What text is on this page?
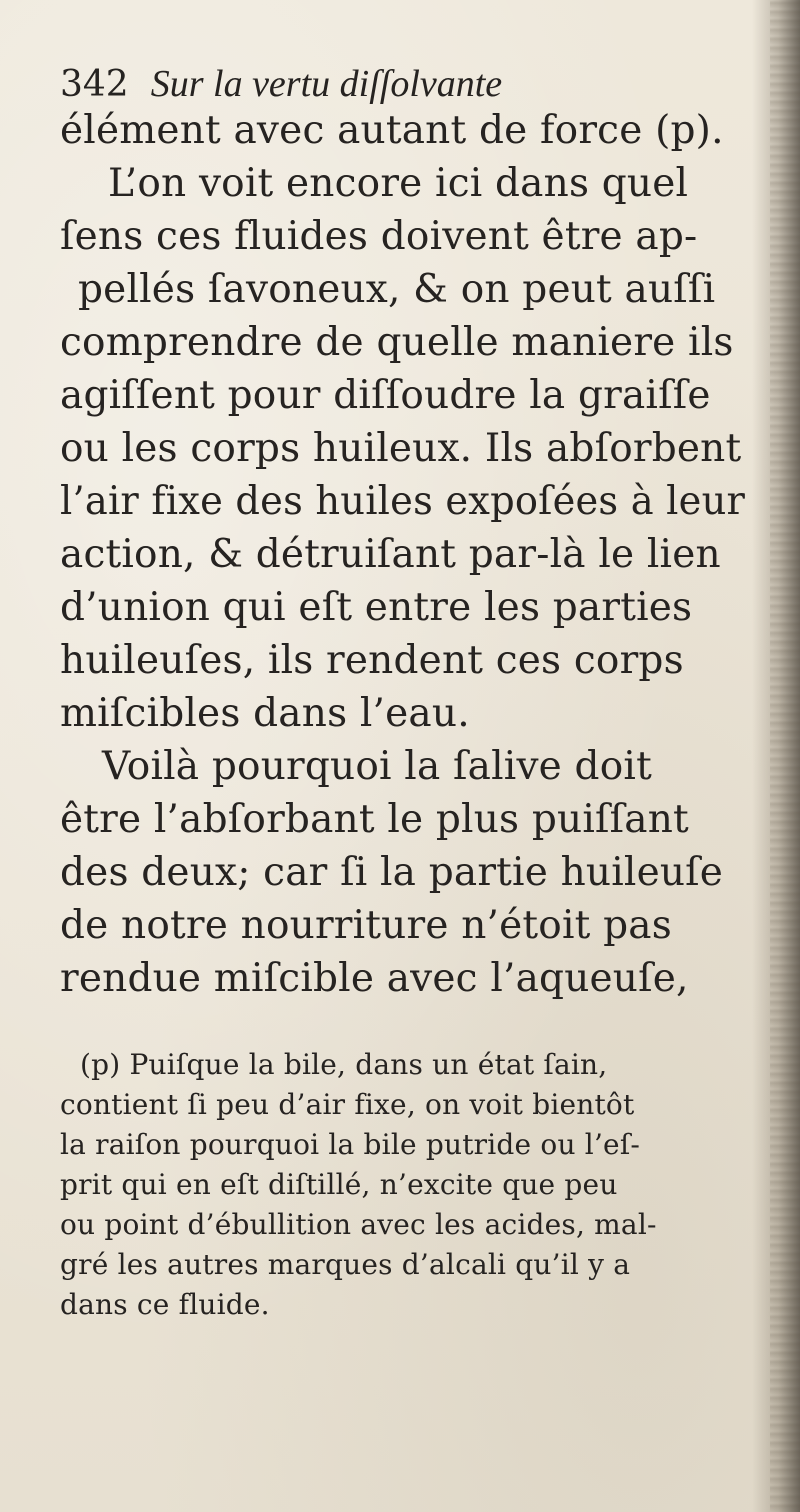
342 Sur la vertu diſſolvante
élément avec autant de force (p).
L’on voit encore ici dans quel
ſens ces fluides doivent être ap-
pellés ſavoneux, & on peut auſſi
comprendre de quelle maniere ils
agiſſent pour diſſoudre la graiſſe
ou les corps huileux. Ils abſorbent
l’air fixe des huiles expoſées à leur
action, & détruiſant par-là le lien
d’union qui eſt entre les parties
huileuſes, ils rendent ces corps
miſcibles dans l’eau.
Voilà pourquoi la ſalive doit
être l’abſorbant le plus puiſſant
des deux; car ſi la partie huileuſe
de notre nourriture n’étoit pas
rendue miſcible avec l’aqueuſe,
(p) Puiſque la bile, dans un état ſain,
contient ſi peu d’air fixe, on voit bientôt
la raiſon pourquoi la bile putride ou l’eſ-
prit qui en eſt diſtillé, n’excite que peu
ou point d’ébullition avec les acides, mal-
gré les autres marques d’alcali qu’il y a
dans ce fluide.
